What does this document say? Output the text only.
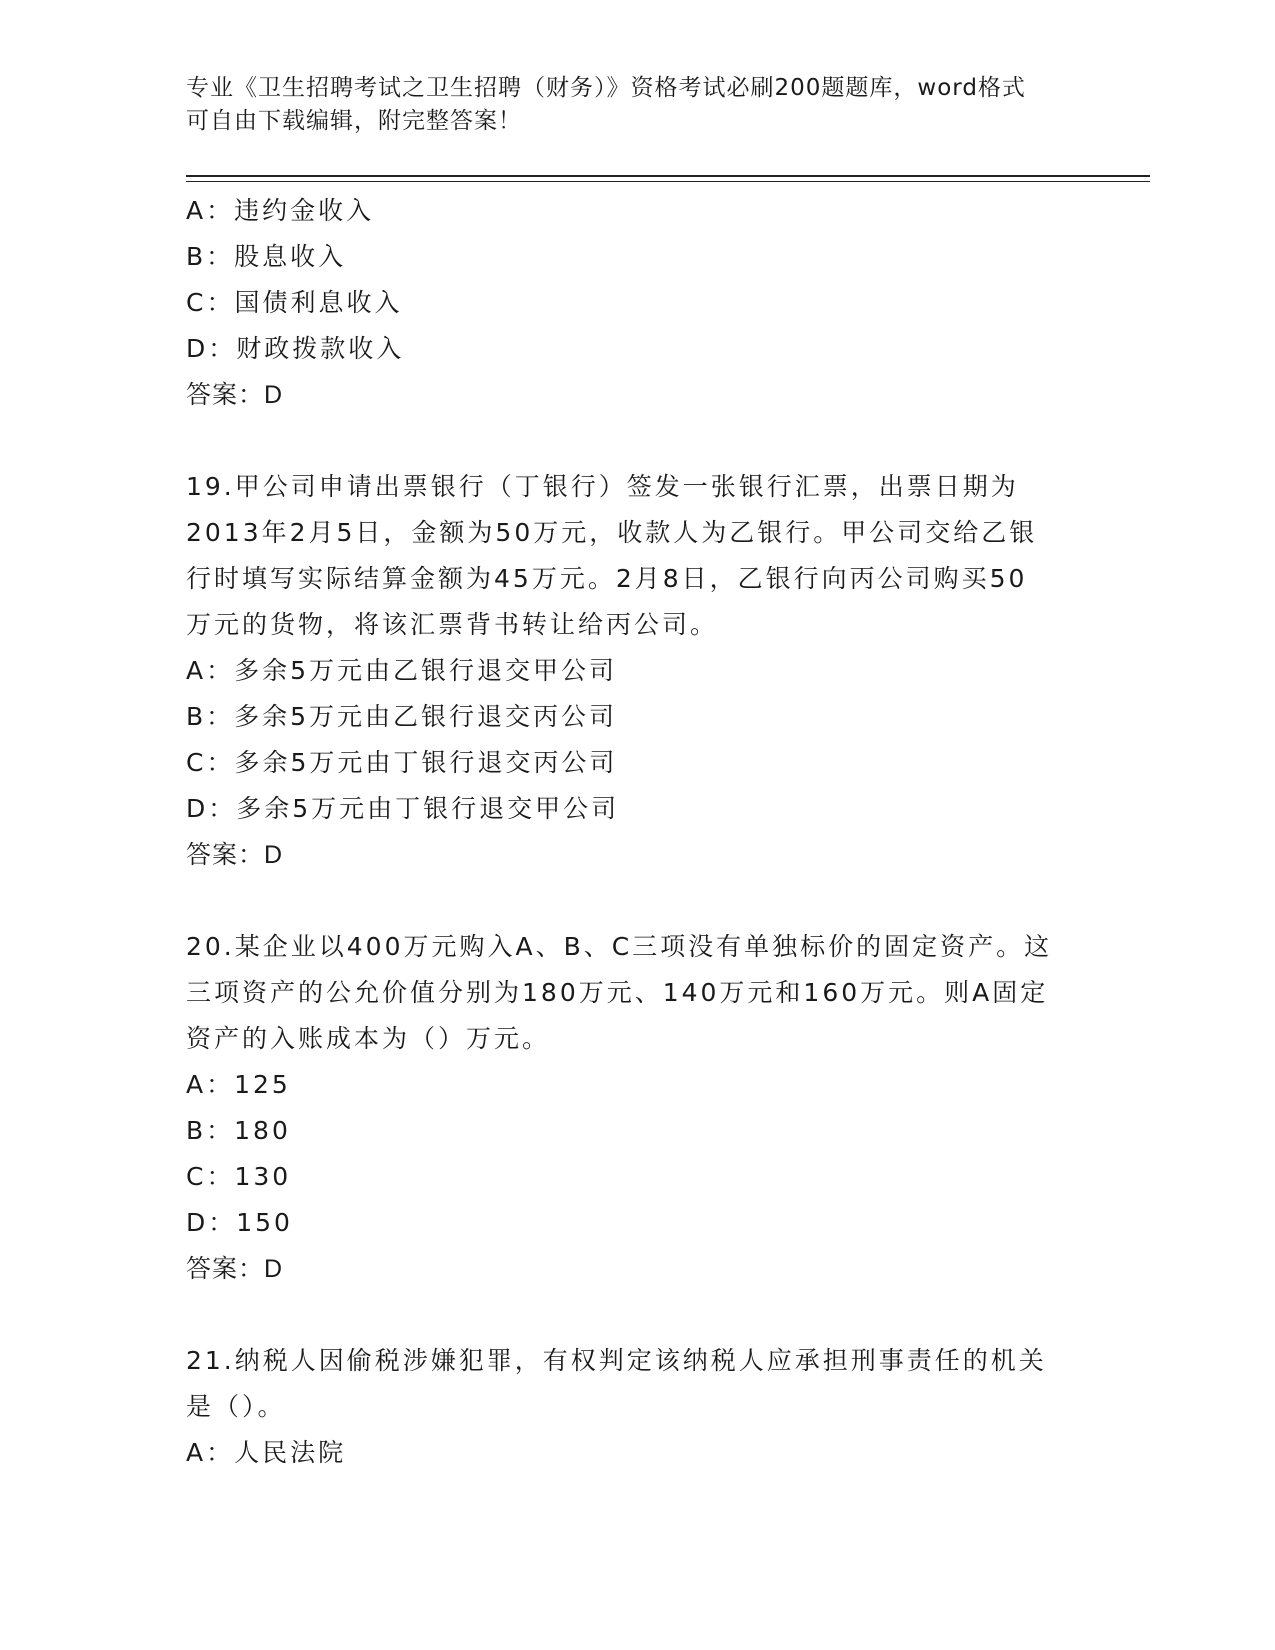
专业《卫生招聘考试之卫生招聘（财务）》资格考试必刷200题题库，word格式
可自由下载编辑，附完整答案！
A：违约金收入
B：股息收入
C：国债利息收入
D：财政拨款收入
答案：D
19.甲公司申请出票银行（丁银行）签发一张银行汇票，出票日期为
2013年2月5日，金额为50万元，收款人为乙银行。甲公司交给乙银
行时填写实际结算金额为45万元。2月8日，乙银行向丙公司购买50
万元的货物，将该汇票背书转让给丙公司。
A：多余5万元由乙银行退交甲公司
B：多余5万元由乙银行退交丙公司
C：多余5万元由丁银行退交丙公司
D：多余5万元由丁银行退交甲公司
答案：D
20.某企业以400万元购入A、B、C三项没有单独标价的固定资产。这
三项资产的公允价值分别为180万元、140万元和160万元。则A固定
资产的入账成本为（）万元。
A：125
B：180
C：130
D：150
答案：D
21.纳税人因偷税涉嫌犯罪，有权判定该纳税人应承担刑事责任的机关
是（）。
A：人民法院
